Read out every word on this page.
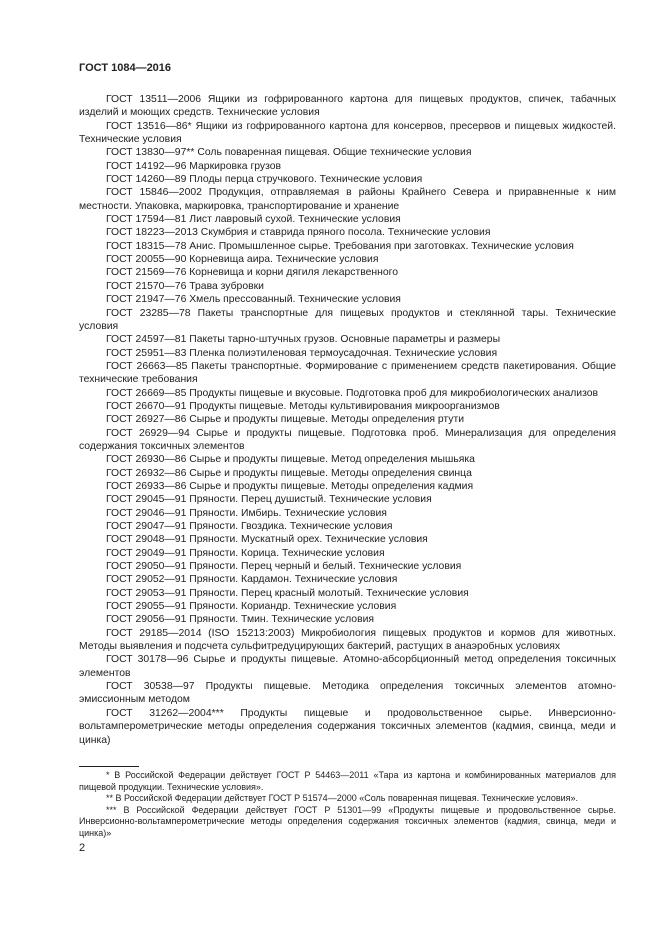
ГОСТ 1084—2016

ГОСТ 13511—2006 Ящики из гофрированного картона для пищевых продуктов, спичек, табачных изделий и моющих средств. Технические условия

ГОСТ 13516—86* Ящики из гофрированного картона для консервов, пресервов и пищевых жидкостей. Технические условия

ГОСТ 13830—97** Соль поваренная пищевая. Общие технические условия

ГОСТ 14192—96 Маркировка грузов

ГОСТ 14260—89 Плоды перца стручкового. Технические условия

ГОСТ 15846—2002 Продукция, отправляемая в районы Крайнего Севера и приравненные к ним местности. Упаковка, маркировка, транспортирование и хранение

ГОСТ 17594—81 Лист лавровый сухой. Технические условия

ГОСТ 18223—2013 Скумбрия и ставрида пряного посола. Технические условия

ГОСТ 18315—78 Анис. Промышленное сырье. Требования при заготовках. Технические условия

ГОСТ 20055—90 Корневища аира. Технические условия

ГОСТ 21569—76 Корневища и корни дягиля лекарственного

ГОСТ 21570—76 Трава зубровки

ГОСТ 21947—76 Хмель прессованный. Технические условия

ГОСТ 23285—78 Пакеты транспортные для пищевых продуктов и стеклянной тары. Технические условия

ГОСТ 24597—81 Пакеты тарно-штучных грузов. Основные параметры и размеры

ГОСТ 25951—83 Пленка полиэтиленовая термоусадочная. Технические условия

ГОСТ 26663—85 Пакеты транспортные. Формирование с применением средств пакетирования. Общие технические требования

ГОСТ 26669—85 Продукты пищевые и вкусовые. Подготовка проб для микробиологических анализов

ГОСТ 26670—91 Продукты пищевые. Методы культивирования микроорганизмов

ГОСТ 26927—86 Сырье и продукты пищевые. Методы определения ртути

ГОСТ 26929—94 Сырье и продукты пищевые. Подготовка проб. Минерализация для определения содержания токсичных элементов

ГОСТ 26930—86 Сырье и продукты пищевые. Метод определения мышьяка

ГОСТ 26932—86 Сырье и продукты пищевые. Методы определения свинца

ГОСТ 26933—86 Сырье и продукты пищевые. Методы определения кадмия

ГОСТ 29045—91 Пряности. Перец душистый. Технические условия

ГОСТ 29046—91 Пряности. Имбирь. Технические условия

ГОСТ 29047—91 Пряности. Гвоздика. Технические условия

ГОСТ 29048—91 Пряности. Мускатный орех. Технические условия

ГОСТ 29049—91 Пряности. Корица. Технические условия

ГОСТ 29050—91 Пряности. Перец черный и белый. Технические условия

ГОСТ 29052—91 Пряности. Кардамон. Технические условия

ГОСТ 29053—91 Пряности. Перец красный молотый. Технические условия

ГОСТ 29055—91 Пряности. Кориандр. Технические условия

ГОСТ 29056—91 Пряности. Тмин. Технические условия

ГОСТ 29185—2014 (ISO 15213:2003) Микробиология пищевых продуктов и кормов для животных. Методы выявления и подсчета сульфитредуцирующих бактерий, растущих в анаэробных условиях

ГОСТ 30178—96 Сырье и продукты пищевые. Атомно-абсорбционный метод определения токсичных элементов

ГОСТ 30538—97 Продукты пищевые. Методика определения токсичных элементов атомно-эмиссионным методом

ГОСТ 31262—2004*** Продукты пищевые и продовольственное сырье. Инверсионно-вольтамперометрические методы определения содержания токсичных элементов (кадмия, свинца, меди и цинка)

* В Российской Федерации действует ГОСТ Р 54463—2011 «Тара из картона и комбинированных материалов для пищевой продукции. Технические условия».

** В Российской Федерации действует ГОСТ Р 51574—2000 «Соль поваренная пищевая. Технические условия».

*** В Российской Федерации действует ГОСТ Р 51301—99 «Продукты пищевые и продовольственное сырье. Инверсионно-вольтамперометрические методы определения содержания токсичных элементов (кадмия, свинца, меди и цинка)»

2
